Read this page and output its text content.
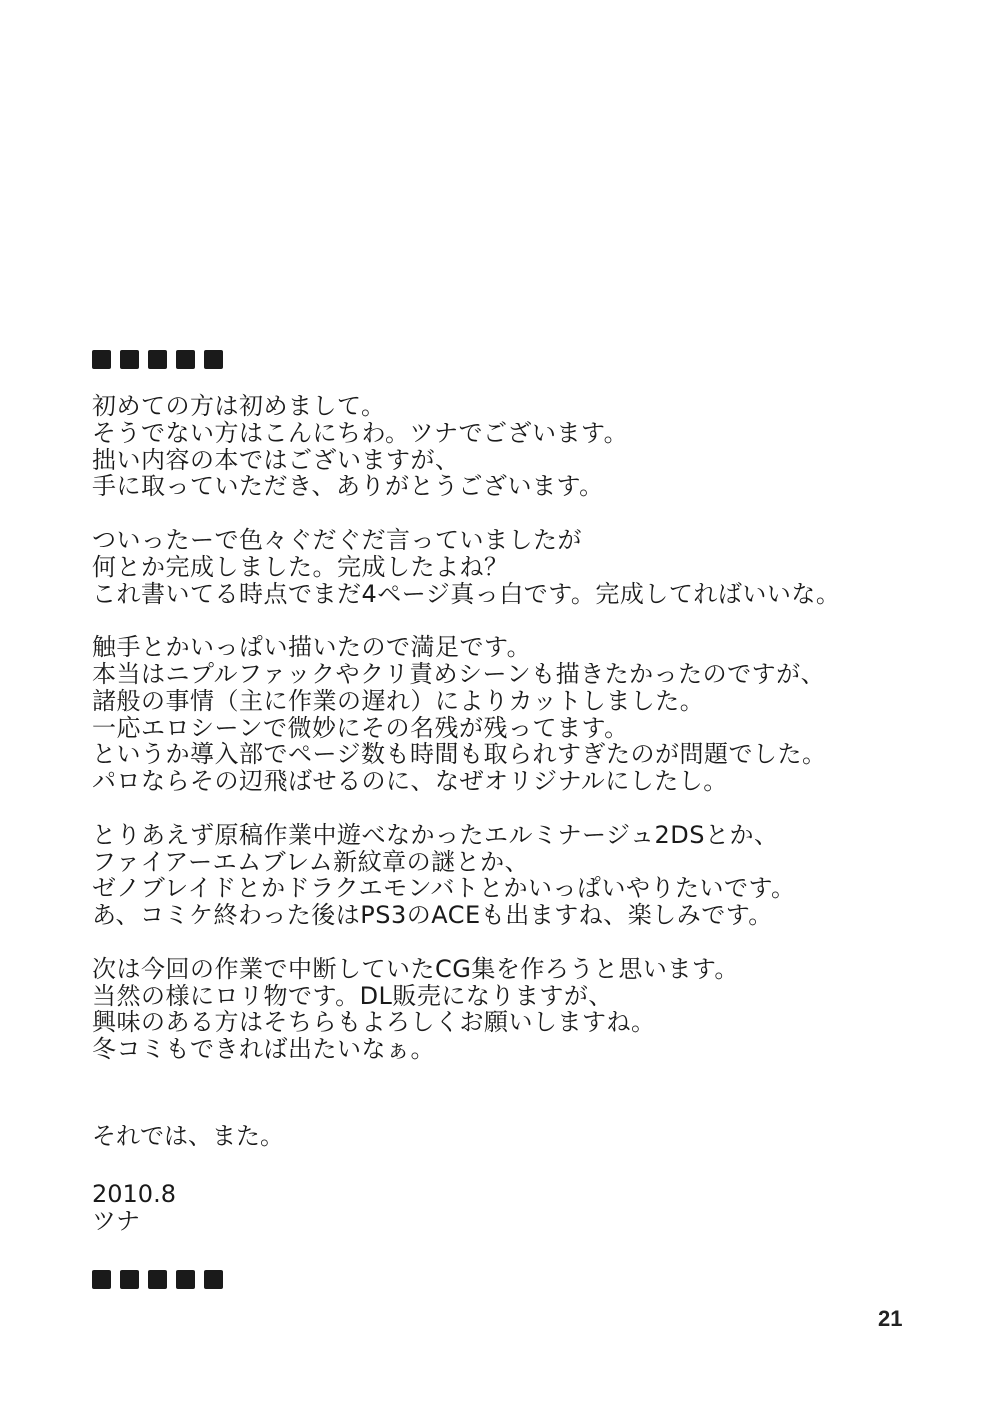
初めての方は初めまして。
そうでない方はこんにちわ。ツナでございます。
拙い内容の本ではございますが、
手に取っていただき、ありがとうございます。
ついったーで色々ぐだぐだ言っていましたが
何とか完成しました。完成したよね？
これ書いてる時点でまだ4ページ真っ白です。完成してればいいな。
触手とかいっぱい描いたので満足です。
本当はニプルファックやクリ責めシーンも描きたかったのですが、
諸般の事情（主に作業の遅れ）によりカットしました。
一応エロシーンで微妙にその名残が残ってます。
というか導入部でページ数も時間も取られすぎたのが問題でした。
パロならその辺飛ばせるのに、なぜオリジナルにしたし。
とりあえず原稿作業中遊べなかったエルミナージュ2DSとか、
ファイアーエムブレム新紋章の謎とか、
ゼノブレイドとかドラクエモンバトとかいっぱいやりたいです。
あ、コミケ終わった後はPS3のACEも出ますね、楽しみです。
次は今回の作業で中断していたCG集を作ろうと思います。
当然の様にロリ物です。DL販売になりますが、
興味のある方はそちらもよろしくお願いしますね。
冬コミもできれば出たいなぁ。
それでは、また。
2010.8
ツナ
21
